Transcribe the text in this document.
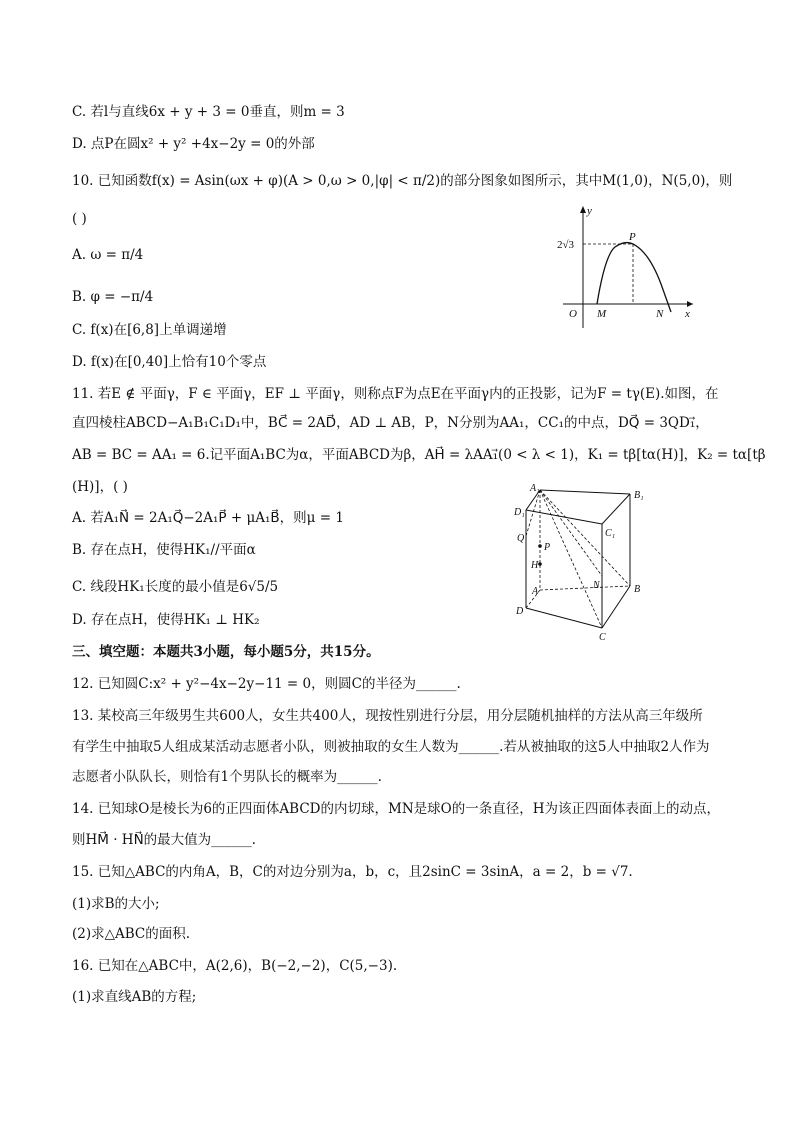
C. 若l与直线6x + y + 3 = 0垂直，则m = 3
D. 点P在圆x² + y² +4x−2y = 0的外部
10. 已知函数f(x) = Asin(ωx + φ)(A > 0,ω > 0,|φ| < π/2)的部分图象如图所示，其中M(1,0)，N(5,0)，则
( )
A. ω = π/4
B. φ = −π/4
C. f(x)在[6,8]上单调递增
D. f(x)在[0,40]上恰有10个零点
11. 若E ∉ 平面γ，F ∈ 平面γ，EF ⊥ 平面γ，则称点F为点E在平面γ内的正投影，记为F = tγ(E).如图，在
直四棱柱ABCD−A₁B₁C₁D₁中，BC⃗ = 2AD⃗，AD ⊥ AB，P，N分别为AA₁，CC₁的中点，DQ⃗ = 3QD₁⃗，
AB = BC = AA₁ = 6.记平面A₁BC为α，平面ABCD为β，AH⃗ = λAA₁⃗(0 < λ < 1)，K₁ = tβ[tα(H)]，K₂ = tα[tβ
(H)]，( )
A. 若A₁N⃗ = 2A₁Q⃗−2A₁P⃗ + μA₁B⃗，则μ = 1
B. 存在点H，使得HK₁//平面α
C. 线段HK₁长度的最小值是6√5/5
D. 存在点H，使得HK₁ ⊥ HK₂
三、填空题：本题共3小题，每小题5分，共15分。
12. 已知圆C:x² + y²−4x−2y−11 = 0，则圆C的半径为______.
13. 某校高三年级男生共600人，女生共400人，现按性别进行分层，用分层随机抽样的方法从高三年级所
有学生中抽取5人组成某活动志愿者小队，则被抽取的女生人数为______.若从被抽取的这5人中抽取2人作为
志愿者小队队长，则恰有1个男队长的概率为______.
14. 已知球O是棱长为6的正四面体ABCD的内切球，MN是球O的一条直径，H为该正四面体表面上的动点，
则HM⃗ · HN⃗的最大值为______.
15. 已知△ABC的内角A，B，C的对边分别为a，b，c，且2sinC = 3sinA，a = 2，b = √7.
(1)求B的大小;
(2)求△ABC的面积.
16. 已知在△ABC中，A(2,6)，B(−2,−2)，C(5,−3).
(1)求直线AB的方程;
y
x
2√3
P
O M	N
A₁
B₁
D₁
C₁
Q
P
H
N
A	B
D
C
